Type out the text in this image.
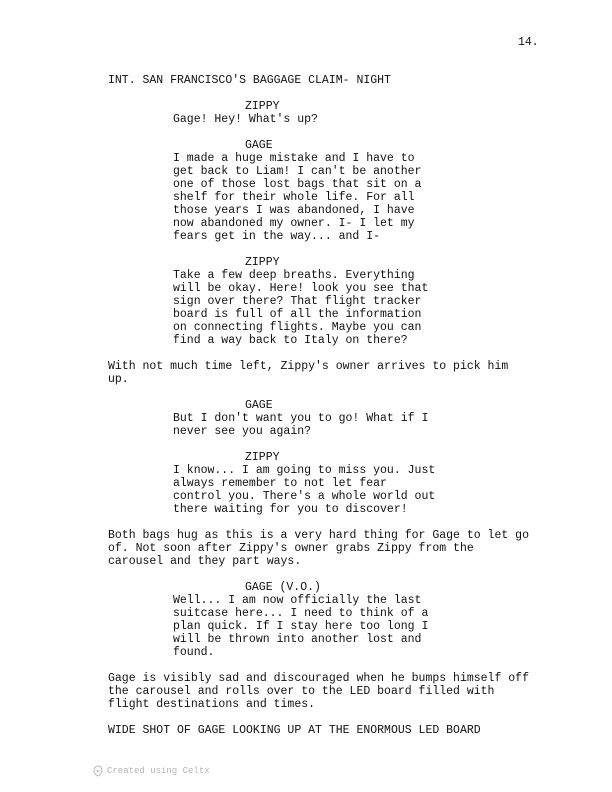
14.
INT. SAN FRANCISCO'S BAGGAGE CLAIM- NIGHT
ZIPPY
Gage! Hey! What's up?
GAGE
I made a huge mistake and I have to
get back to Liam! I can't be another
one of those lost bags that sit on a
shelf for their whole life. For all
those years I was abandoned, I have
now abandoned my owner. I- I let my
fears get in the way... and I-
ZIPPY
Take a few deep breaths. Everything
will be okay. Here! look you see that
sign over there? That flight tracker
board is full of all the information
on connecting flights. Maybe you can
find a way back to Italy on there?
With not much time left, Zippy's owner arrives to pick him
up.
GAGE
But I don't want you to go! What if I
never see you again?
ZIPPY
I know... I am going to miss you. Just
always remember to not let fear
control you. There's a whole world out
there waiting for you to discover!
Both bags hug as this is a very hard thing for Gage to let go
of. Not soon after Zippy's owner grabs Zippy from the
carousel and they part ways.
GAGE (V.O.)
Well... I am now officially the last
suitcase here... I need to think of a
plan quick. If I stay here too long I
will be thrown into another lost and
found.
Gage is visibly sad and discouraged when he bumps himself off
the carousel and rolls over to the LED board filled with
flight destinations and times.
WIDE SHOT OF GAGE LOOKING UP AT THE ENORMOUS LED BOARD
Created using Celtx
